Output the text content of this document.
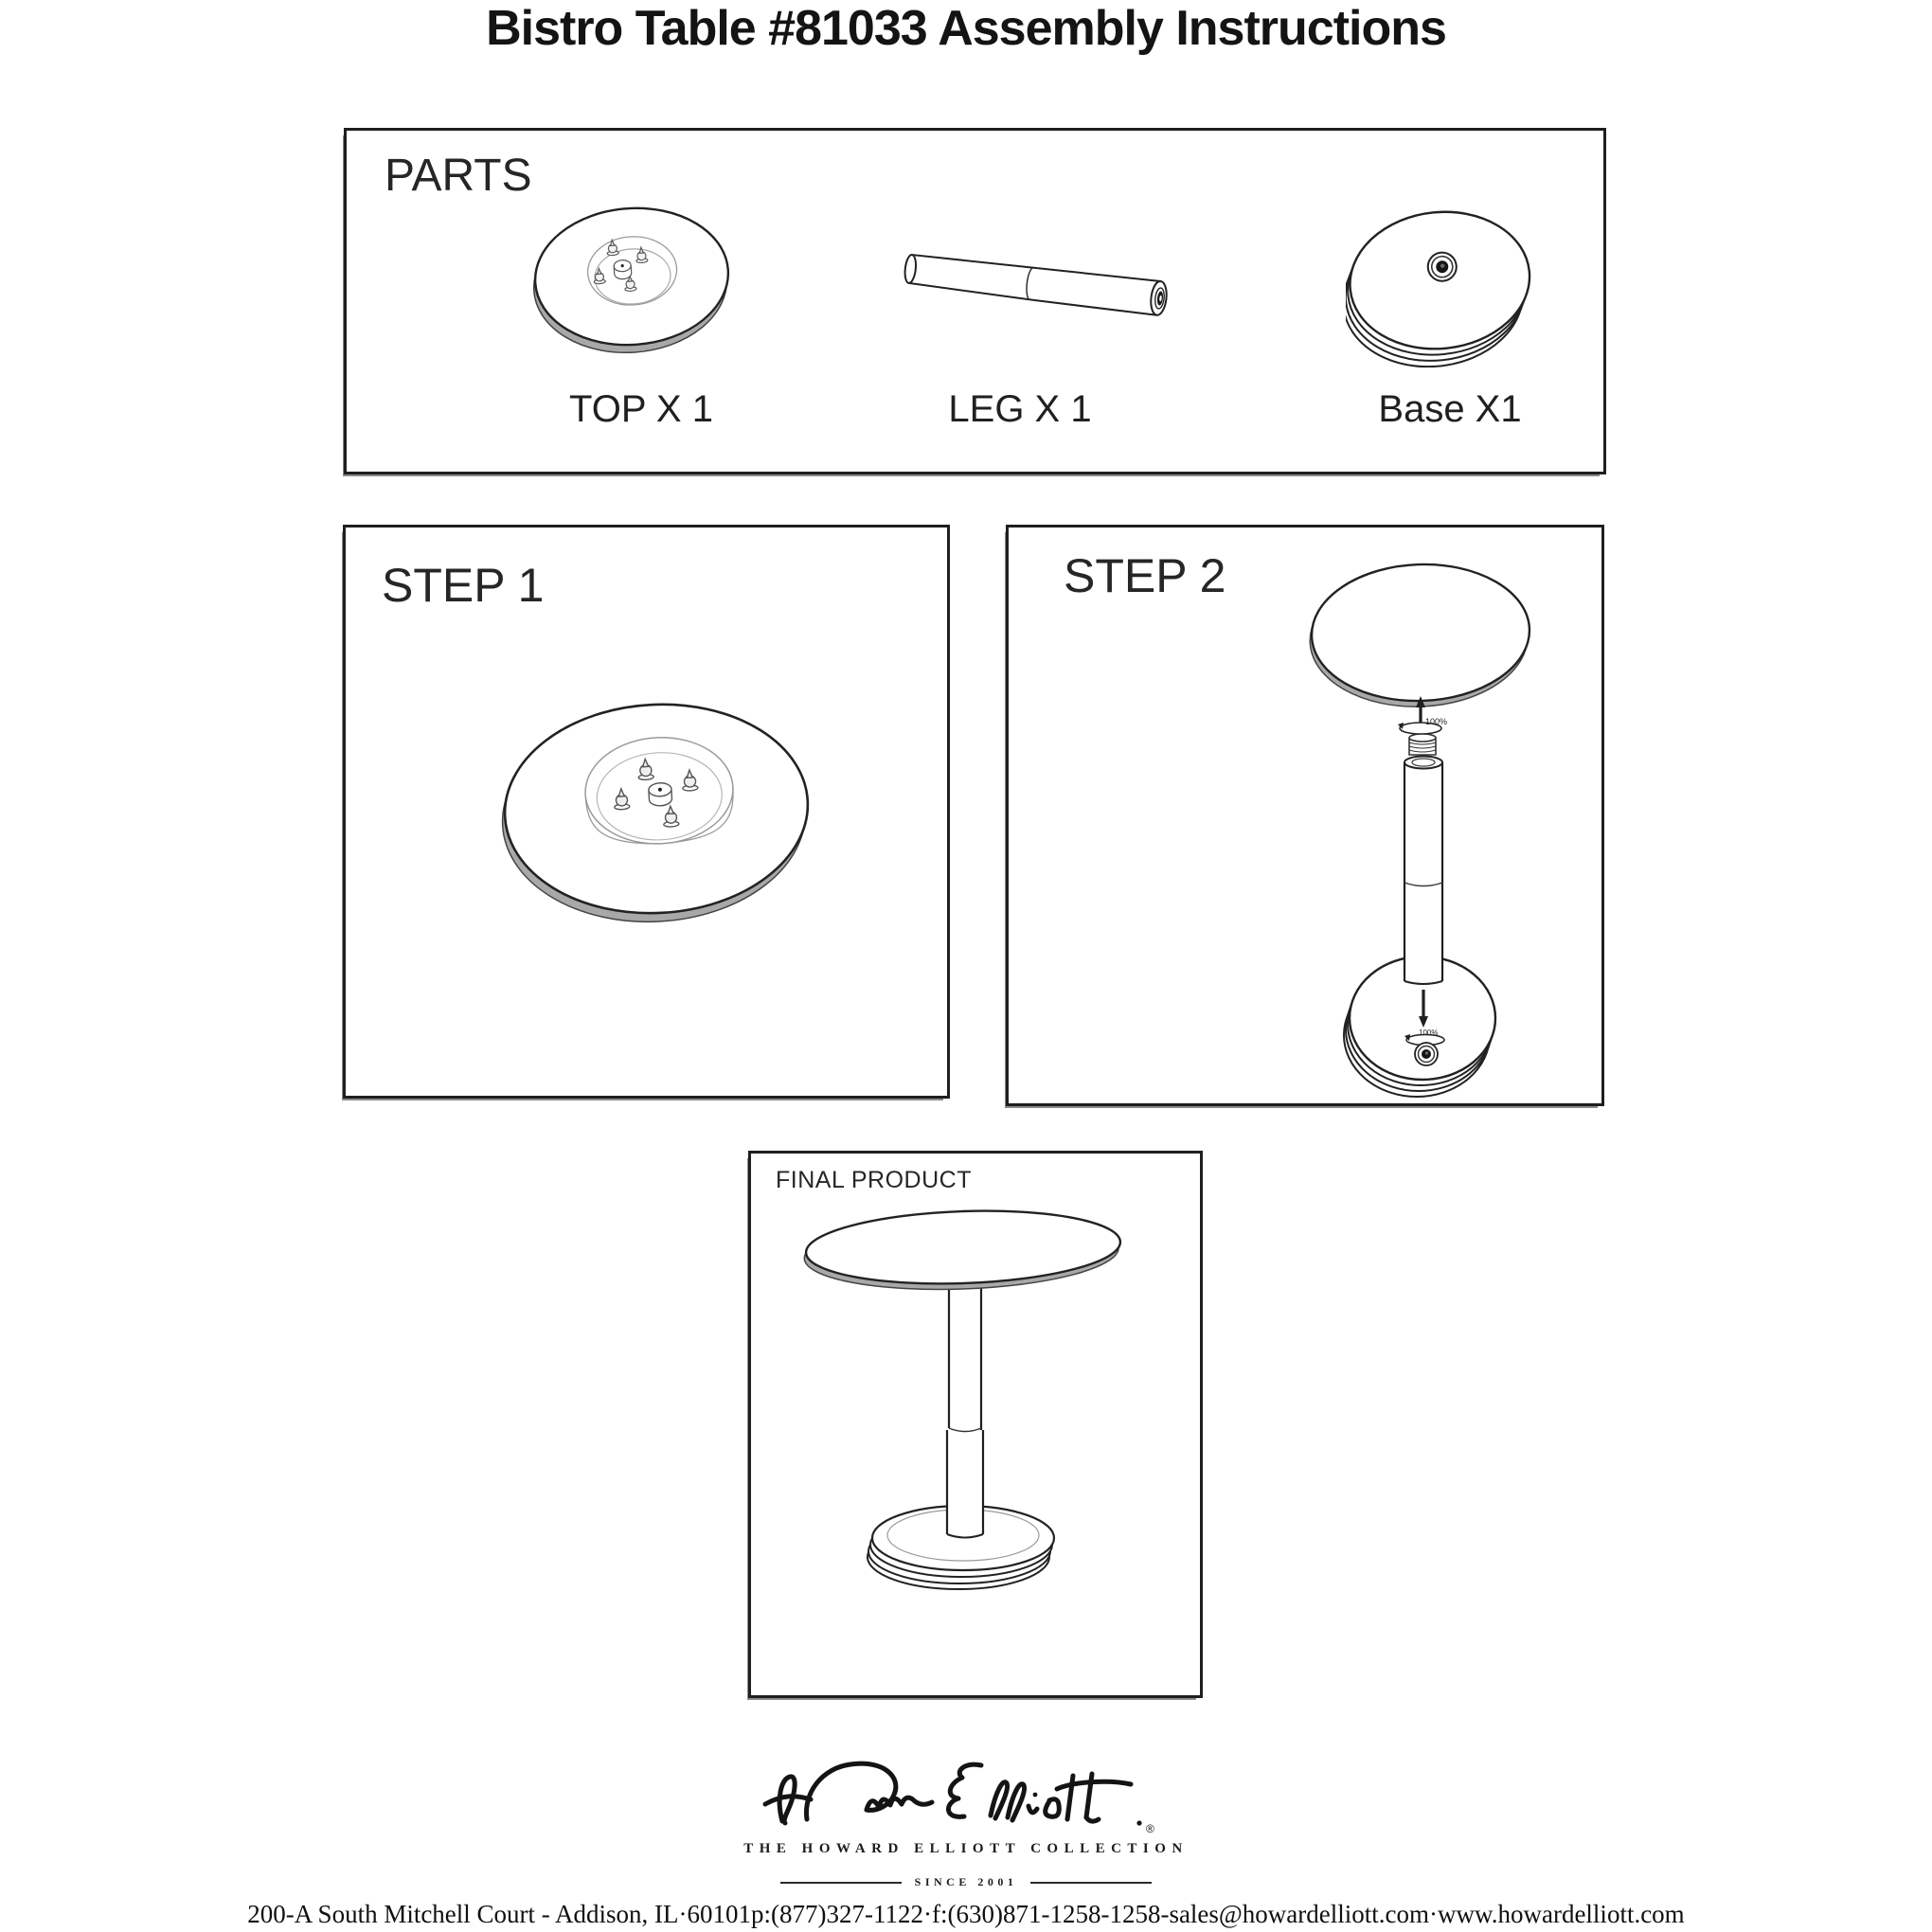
Bistro Table #81033 Assembly Instructions
PARTS
TOP X 1	LEG X 1	Base X1
STEP 1	STEP 2
100%
100%
FINAL PRODUCT
®
THE HOWARD ELLIOTT COLLECTION
SINCE 2001
200-A South Mitchell Court - Addison, IL·60101p:(877)327-1122·f:(630)871-1258-1258-sales@howardelliott.com·www.howardelliott.com
